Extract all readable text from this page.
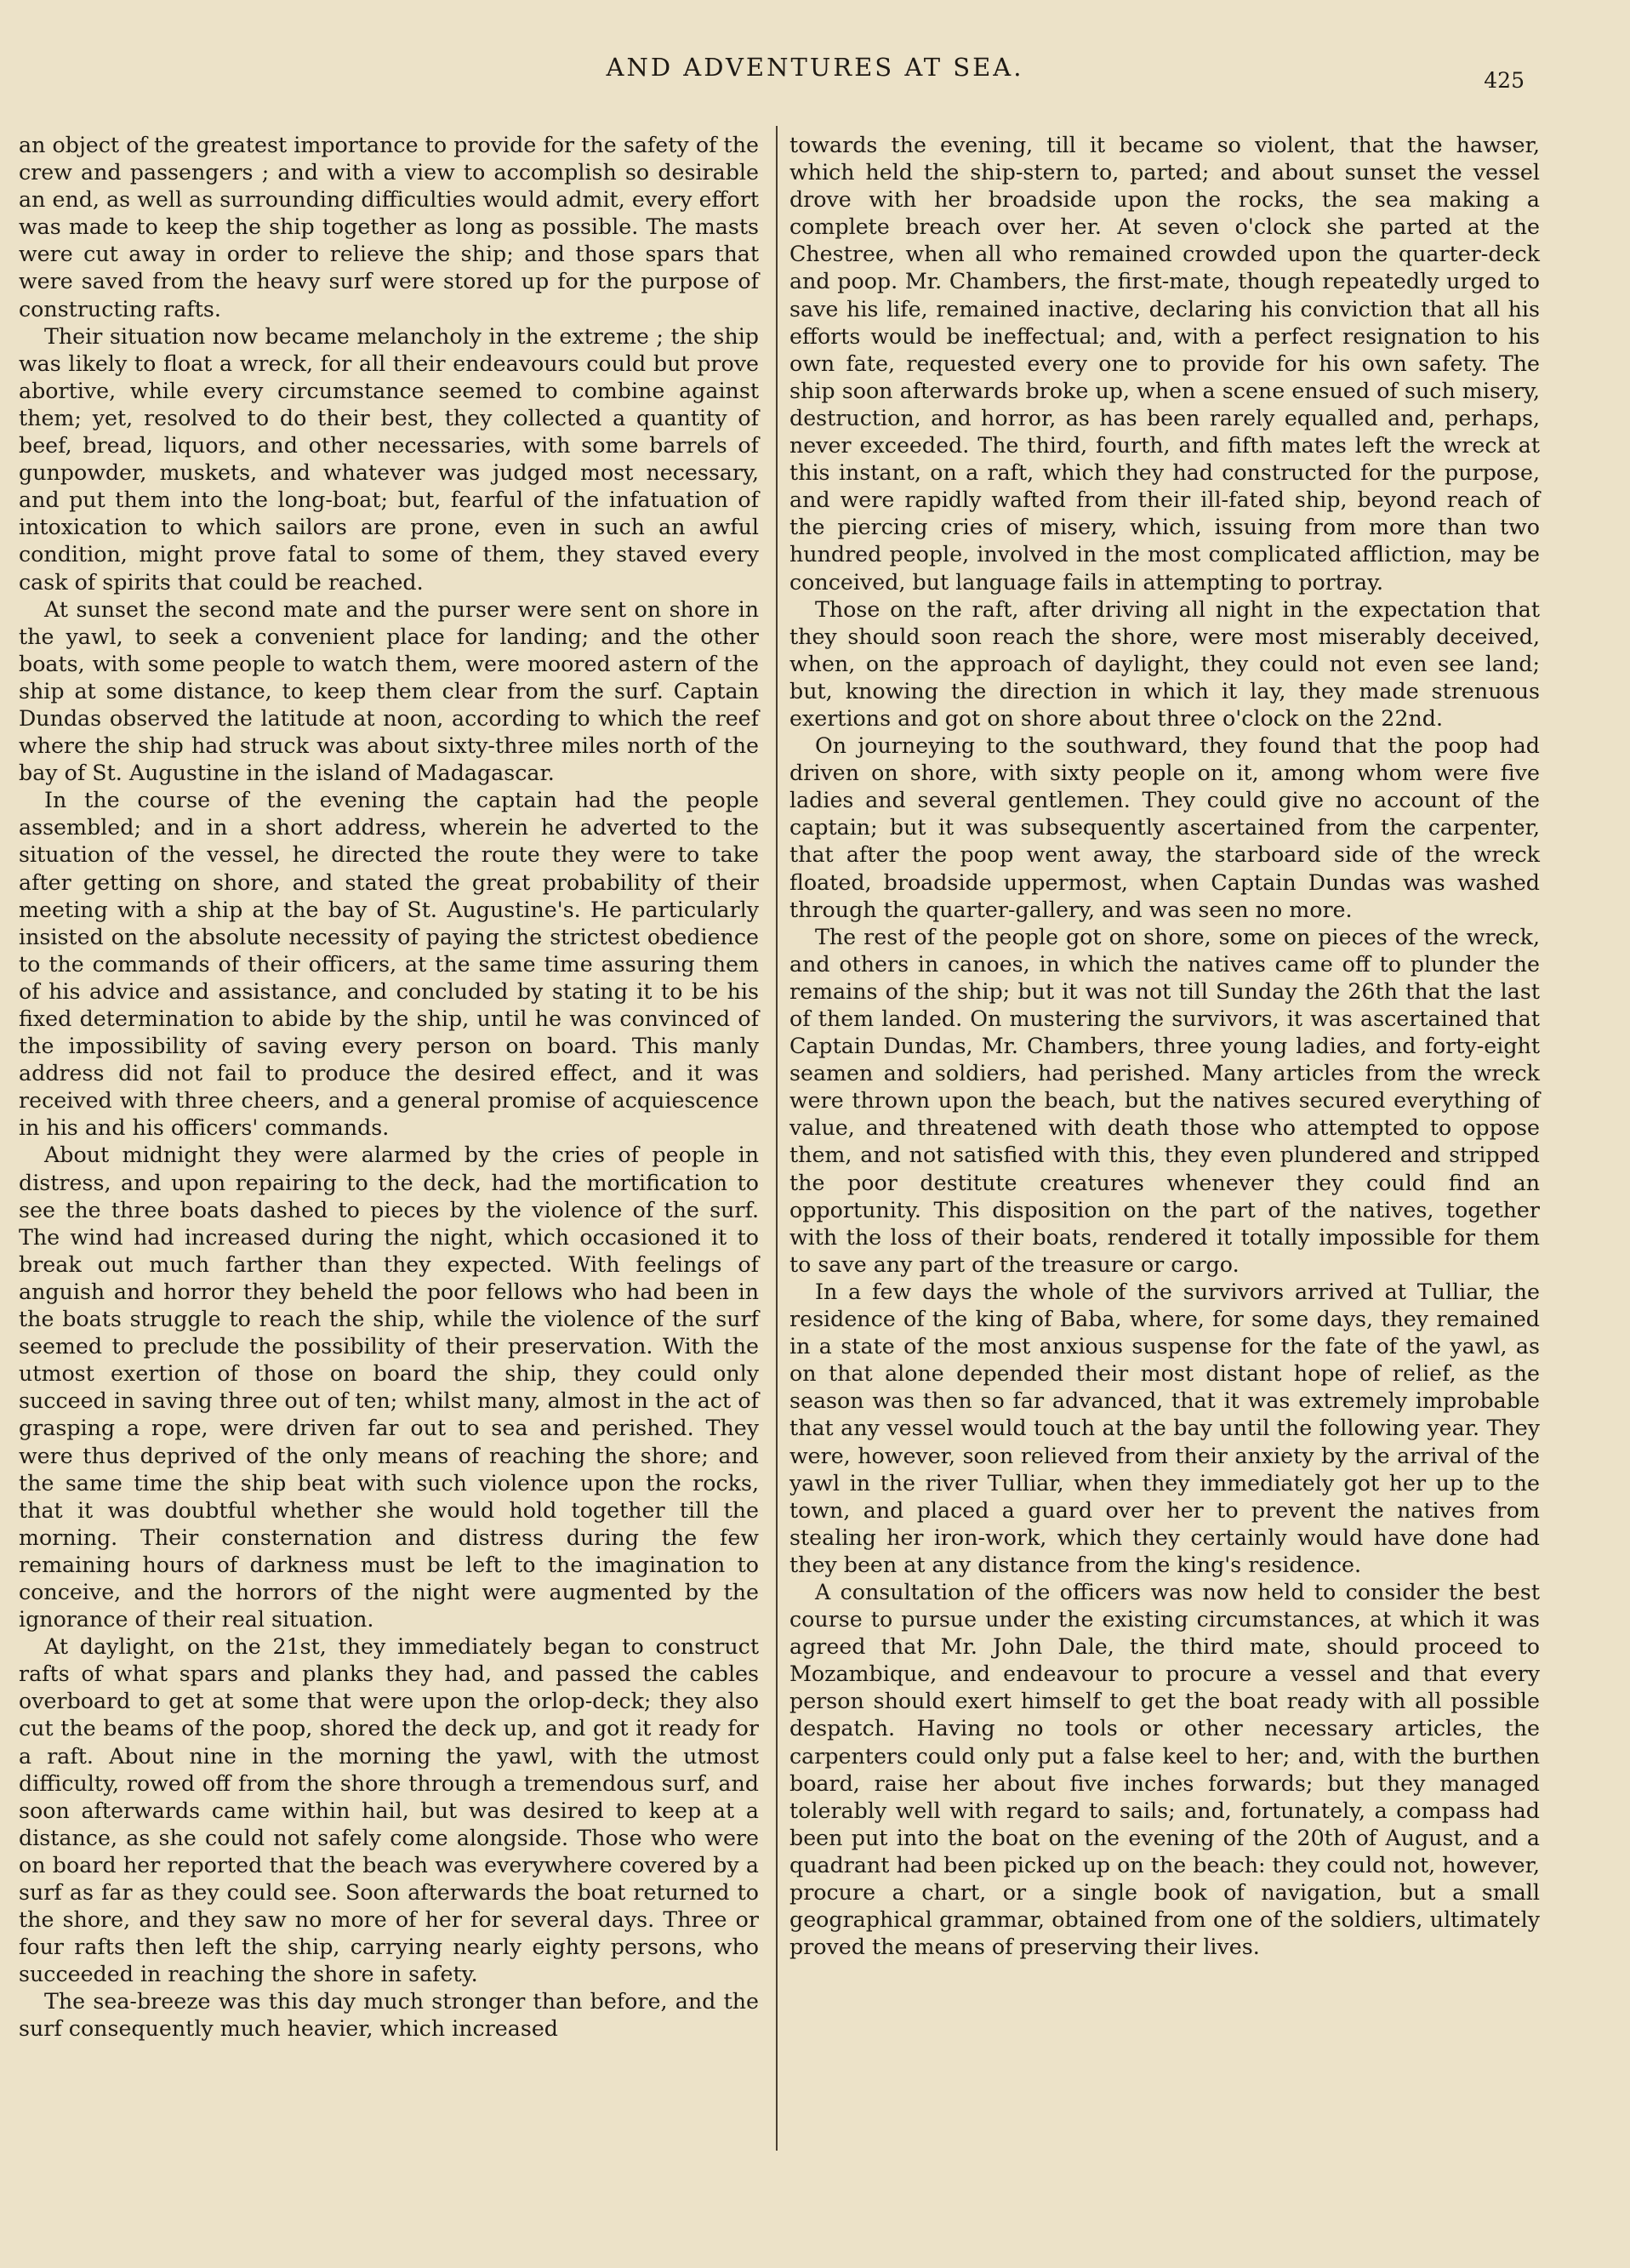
AND ADVENTURES AT SEA.	425

an object of the greatest importance to provide for the safety of the crew and passengers ; and with a view to accomplish so desirable an end, as well as surrounding difficulties would admit, every effort was made to keep the ship together as long as possible. The masts were cut away in order to relieve the ship; and those spars that were saved from the heavy surf were stored up for the purpose of constructing rafts.

Their situation now became melancholy in the extreme ; the ship was likely to float a wreck, for all their endeavours could but prove abortive, while every circumstance seemed to combine against them; yet, resolved to do their best, they collected a quantity of beef, bread, liquors, and other necessaries, with some barrels of gunpowder, muskets, and whatever was judged most necessary, and put them into the long-boat; but, fearful of the infatuation of intoxication to which sailors are prone, even in such an awful condition, might prove fatal to some of them, they staved every cask of spirits that could be reached.

At sunset the second mate and the purser were sent on shore in the yawl, to seek a convenient place for landing; and the other boats, with some people to watch them, were moored astern of the ship at some distance, to keep them clear from the surf. Captain Dundas observed the latitude at noon, according to which the reef where the ship had struck was about sixty-three miles north of the bay of St. Augustine in the island of Madagascar.

In the course of the evening the captain had the people assembled; and in a short address, wherein he adverted to the situation of the vessel, he directed the route they were to take after getting on shore, and stated the great probability of their meeting with a ship at the bay of St. Augustine's. He particularly insisted on the absolute necessity of paying the strictest obedience to the commands of their officers, at the same time assuring them of his advice and assistance, and concluded by stating it to be his fixed determination to abide by the ship, until he was convinced of the impossibility of saving every person on board. This manly address did not fail to produce the desired effect, and it was received with three cheers, and a general promise of acquiescence in his and his officers' commands.

About midnight they were alarmed by the cries of people in distress, and upon repairing to the deck, had the mortification to see the three boats dashed to pieces by the violence of the surf. The wind had increased during the night, which occasioned it to break out much farther than they expected. With feelings of anguish and horror they beheld the poor fellows who had been in the boats struggle to reach the ship, while the violence of the surf seemed to preclude the possibility of their preservation. With the utmost exertion of those on board the ship, they could only succeed in saving three out of ten; whilst many, almost in the act of grasping a rope, were driven far out to sea and perished. They were thus deprived of the only means of reaching the shore; and the same time the ship beat with such violence upon the rocks, that it was doubtful whether she would hold together till the morning. Their consternation and distress during the few remaining hours of darkness must be left to the imagination to conceive, and the horrors of the night were augmented by the ignorance of their real situation.

At daylight, on the 21st, they immediately began to construct rafts of what spars and planks they had, and passed the cables overboard to get at some that were upon the orlop-deck; they also cut the beams of the poop, shored the deck up, and got it ready for a raft. About nine in the morning the yawl, with the utmost difficulty, rowed off from the shore through a tremendous surf, and soon afterwards came within hail, but was desired to keep at a distance, as she could not safely come alongside. Those who were on board her reported that the beach was everywhere covered by a surf as far as they could see. Soon afterwards the boat returned to the shore, and they saw no more of her for several days. Three or four rafts then left the ship, carrying nearly eighty persons, who succeeded in reaching the shore in safety.

The sea-breeze was this day much stronger than before, and the surf consequently much heavier, which increased

towards the evening, till it became so violent, that the hawser, which held the ship-stern to, parted; and about sunset the vessel drove with her broadside upon the rocks, the sea making a complete breach over her. At seven o'clock she parted at the Chestree, when all who remained crowded upon the quarter-deck and poop. Mr. Chambers, the first-mate, though repeatedly urged to save his life, remained inactive, declaring his conviction that all his efforts would be ineffectual; and, with a perfect resignation to his own fate, requested every one to provide for his own safety. The ship soon afterwards broke up, when a scene ensued of such misery, destruction, and horror, as has been rarely equalled and, perhaps, never exceeded. The third, fourth, and fifth mates left the wreck at this instant, on a raft, which they had constructed for the purpose, and were rapidly wafted from their ill-fated ship, beyond reach of the piercing cries of misery, which, issuing from more than two hundred people, involved in the most complicated affliction, may be conceived, but language fails in attempting to portray.

Those on the raft, after driving all night in the expectation that they should soon reach the shore, were most miserably deceived, when, on the approach of daylight, they could not even see land; but, knowing the direction in which it lay, they made strenuous exertions and got on shore about three o'clock on the 22nd.

On journeying to the southward, they found that the poop had driven on shore, with sixty people on it, among whom were five ladies and several gentlemen. They could give no account of the captain; but it was subsequently ascertained from the carpenter, that after the poop went away, the starboard side of the wreck floated, broadside uppermost, when Captain Dundas was washed through the quarter-gallery, and was seen no more.

The rest of the people got on shore, some on pieces of the wreck, and others in canoes, in which the natives came off to plunder the remains of the ship; but it was not till Sunday the 26th that the last of them landed. On mustering the survivors, it was ascertained that Captain Dundas, Mr. Chambers, three young ladies, and forty-eight seamen and soldiers, had perished. Many articles from the wreck were thrown upon the beach, but the natives secured everything of value, and threatened with death those who attempted to oppose them, and not satisfied with this, they even plundered and stripped the poor destitute creatures whenever they could find an opportunity. This disposition on the part of the natives, together with the loss of their boats, rendered it totally impossible for them to save any part of the treasure or cargo.

In a few days the whole of the survivors arrived at Tulliar, the residence of the king of Baba, where, for some days, they remained in a state of the most anxious suspense for the fate of the yawl, as on that alone depended their most distant hope of relief, as the season was then so far advanced, that it was extremely improbable that any vessel would touch at the bay until the following year. They were, however, soon relieved from their anxiety by the arrival of the yawl in the river Tulliar, when they immediately got her up to the town, and placed a guard over her to prevent the natives from stealing her iron-work, which they certainly would have done had they been at any distance from the king's residence.

A consultation of the officers was now held to consider the best course to pursue under the existing circumstances, at which it was agreed that Mr. John Dale, the third mate, should proceed to Mozambique, and endeavour to procure a vessel and that every person should exert himself to get the boat ready with all possible despatch. Having no tools or other necessary articles, the carpenters could only put a false keel to her; and, with the burthen board, raise her about five inches forwards; but they managed tolerably well with regard to sails; and, fortunately, a compass had been put into the boat on the evening of the 20th of August, and a quadrant had been picked up on the beach: they could not, however, procure a chart, or a single book of navigation, but a small geographical grammar, obtained from one of the soldiers, ultimately proved the means of preserving their lives.
